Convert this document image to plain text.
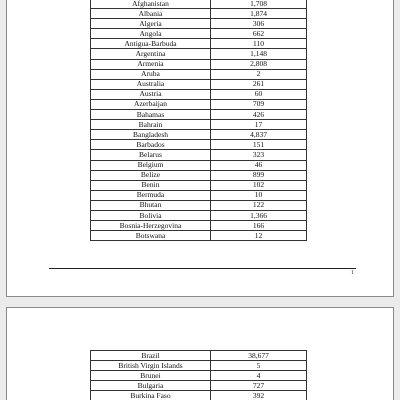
Afghanistan	1,708
Albania	1,874
Algeria	306
Angola	662
Antigua-Barbuda	110
Argentina	1,148
Armenia	2,808
Aruba	2
Australia	261
Austria	60
Azerbaijan	709
Bahamas	426
Bahrain	17
Bangladesh	4,837
Barbados	151
Belarus	323
Belgium	46
Belize	899
Benin	102
Bermuda	10
Bhutan	122
Bolivia	1,366
Bosnia-Herzegovina	166
Botswana	12
1
Brazil	38,677
British Virgin Islands	5
Brunei	4
Bulgaria	727
Burkina Faso	392
